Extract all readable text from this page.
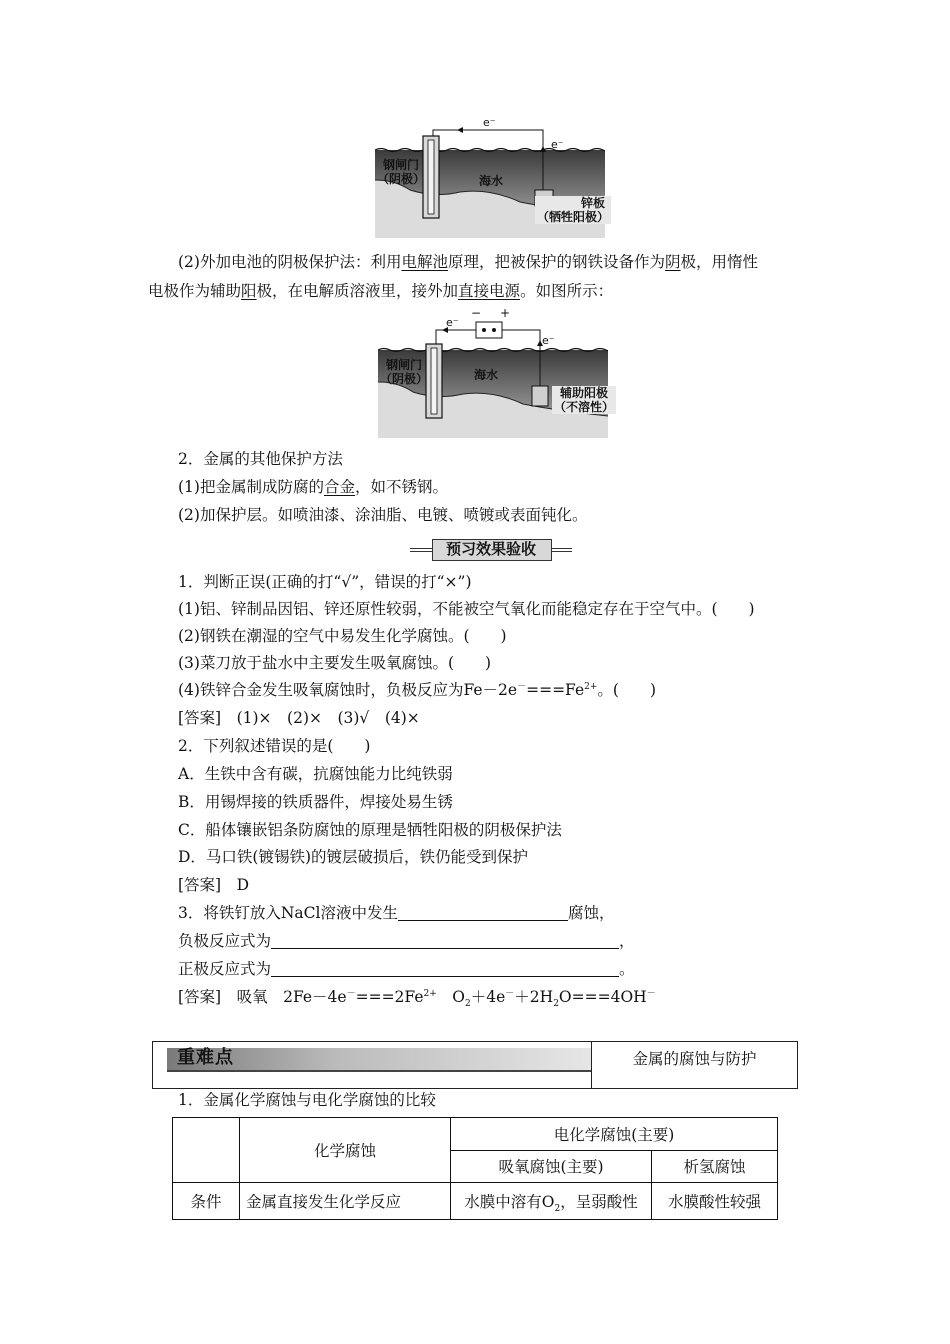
e⁻
e⁻
钢闸门
（阴极）	海水
锌板
（牺牲阳极）
(2)外加电池的阴极保护法：利用电解池原理，把被保护的钢铁设备作为阴极，用惰性
电极作为辅助阳极，在电解质溶液里，接外加直接电源。如图所示：
e⁻
− +
e⁻
钢闸门
（阴极）	海水
辅助阳极
（不溶性）
2．金属的其他保护方法
(1)把金属制成防腐的合金，如不锈钢。
(2)加保护层。如喷油漆、涂油脂、电镀、喷镀或表面钝化。
预习效果验收
1．判断正误(正确的打“√”，错误的打“×”)
(1)铝、锌制品因铝、锌还原性较弱，不能被空气氧化而能稳定存在于空气中。(　　)
(2)钢铁在潮湿的空气中易发生化学腐蚀。(　　)
(3)菜刀放于盐水中主要发生吸氧腐蚀。(　　)
(4)铁锌合金发生吸氧腐蚀时，负极反应为$Fe-2e^-===Fe^{2+}$。(　　)
[答案]　(1)×　(2)×　(3)√　(4)×
2．下列叙述错误的是(　　)
A．生铁中含有碳，抗腐蚀能力比纯铁弱
B．用锡焊接的铁质器件，焊接处易生锈
C．船体镶嵌铝条防腐蚀的原理是牺牲阳极的阴极保护法
D．马口铁(镀锡铁)的镀层破损后，铁仍能受到保护
[答案]　D
3．将铁钉放入NaCl溶液中发生	腐蚀，
负极反应式为	，
正极反应式为	。
[答案]　吸氧　$2Fe-4e^-===2Fe^{2+}$　$O_2+4e^-+2H_2O===4OH^-$
重难点	金属的腐蚀与防护
1．金属化学腐蚀与电化学腐蚀的比较
	化学腐蚀	电化学腐蚀(主要)	
		吸氧腐蚀(主要)	析氢腐蚀
条件	金属直接发生化学反应	水膜中溶有$O_2$，呈弱酸性	水膜酸性较强
